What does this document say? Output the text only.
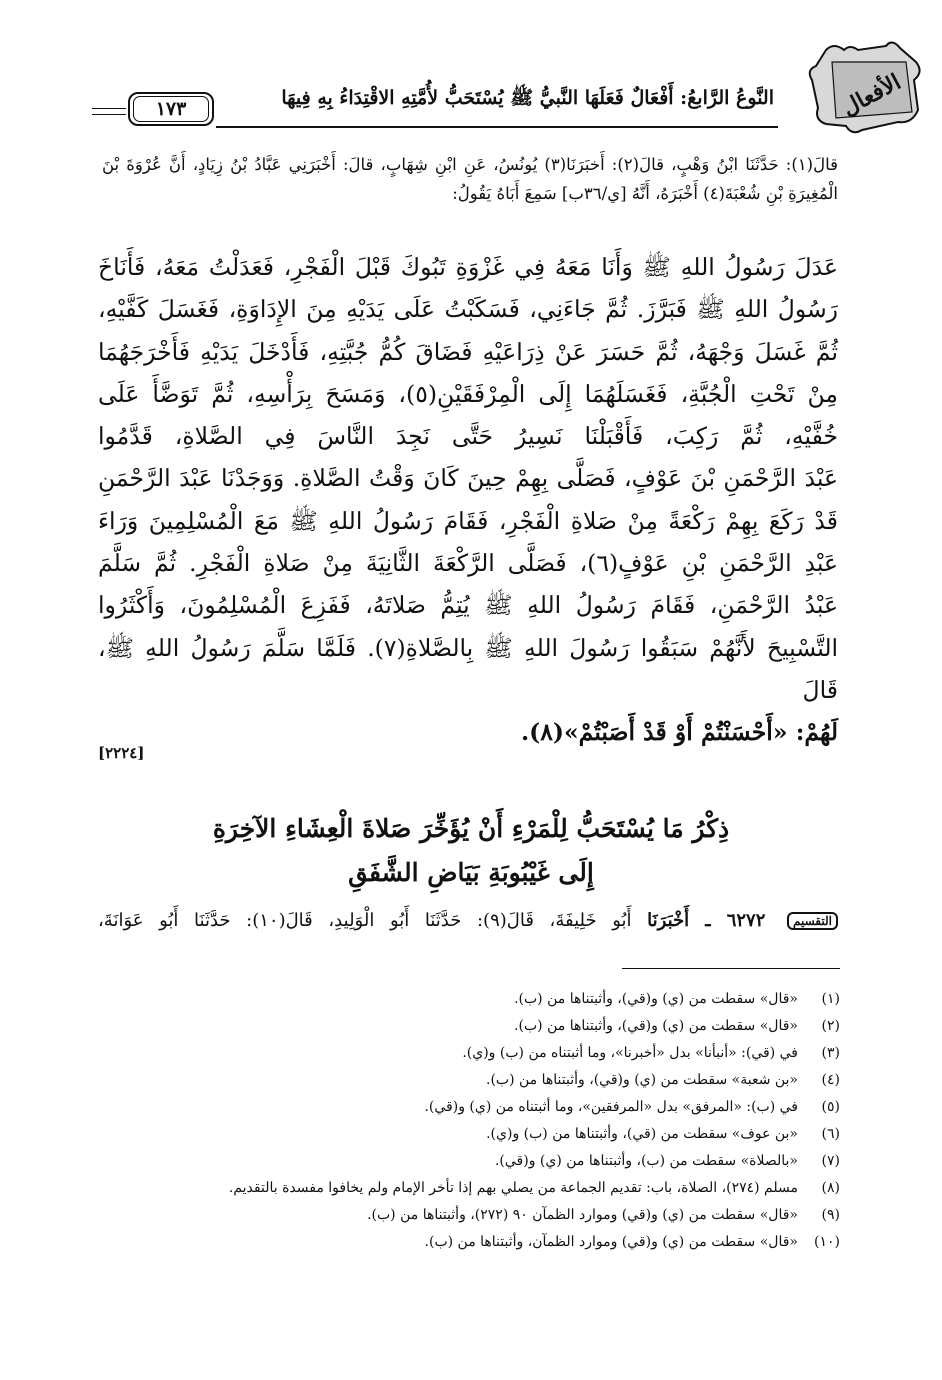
الأفعال
النَّوعُ الرَّابعُ: أَفْعَالٌ فَعَلَهَا النَّبيُّ ﷺ يُسْتَحَبُّ لأُمَّتِهِ الاقْتِدَاءُ بِهِ فِيهَا
١٧٣
قالَ(١): حَدَّثَنَا ابْنُ وَهْبٍ، قالَ(٢): أَخبَرَنَا(٣) يُونُسُ، عَنِ ابْنِ شِهَابٍ، قالَ: أَخْبَرَنِي عَبَّادُ بْنُ زِيَادٍ، أَنَّ عُرْوَةَ بْنَ الْمُغِيرَةِ بْنِ شُعْبَةَ(٤) أَخْبَرَهُ، أَنَّهُ [ي/٣٦ب] سَمِعَ أَبَاهُ يَقُولُ:
عَدَلَ رَسُولُ اللهِ ﷺ وَأَنَا مَعَهُ فِي غَزْوَةِ تَبُوكَ قَبْلَ الْفَجْرِ، فَعَدَلْتُ مَعَهُ، فَأَنَاخَ
رَسُولُ اللهِ ﷺ فَبَرَّزَ. ثُمَّ جَاءَنِي، فَسَكَبْتُ عَلَى يَدَيْهِ مِنَ الإِدَاوَةِ، فَغَسَلَ كَفَّيْهِ،
ثُمَّ غَسَلَ وَجْهَهُ، ثُمَّ حَسَرَ عَنْ ذِرَاعَيْهِ فَضَاقَ كُمُّ جُبَّتِهِ، فَأَدْخَلَ يَدَيْهِ فَأَخْرَجَهُمَا
مِنْ تَحْتِ الْجُبَّةِ، فَغَسَلَهُمَا إِلَى الْمِرْفَقَيْنِ(٥)، وَمَسَحَ بِرَأْسِهِ، ثُمَّ تَوَضَّأَ عَلَى
خُفَّيْهِ، ثُمَّ رَكِبَ، فَأَقْبَلْنَا نَسِيرُ حَتَّى نَجِدَ النَّاسَ فِي الصَّلاةِ، قَدَّمُوا
عَبْدَ الرَّحْمَنِ بْنَ عَوْفٍ، فَصَلَّى بِهِمْ حِينَ كَانَ وَقْتُ الصَّلاةِ. وَوَجَدْنَا عَبْدَ الرَّحْمَنِ
قَدْ رَكَعَ بِهِمْ رَكْعَةً مِنْ صَلاةِ الْفَجْرِ، فَقَامَ رَسُولُ اللهِ ﷺ مَعَ الْمُسْلِمِينَ وَرَاءَ
عَبْدِ الرَّحْمَنِ بْنِ عَوْفٍ(٦)، فَصَلَّى الرَّكْعَةَ الثَّانِيَةَ مِنْ صَلاةِ الْفَجْرِ. ثُمَّ سَلَّمَ
عَبْدُ الرَّحْمَنِ، فَقَامَ رَسُولُ اللهِ ﷺ يُتِمُّ صَلاتَهُ، فَفَزِعَ الْمُسْلِمُونَ، وَأَكْثَرُوا
التَّسْبِيحَ لأَنَّهُمْ سَبَقُوا رَسُولَ اللهِ ﷺ بِالصَّلاةِ(٧). فَلَمَّا سَلَّمَ رَسُولُ اللهِ ﷺ، قَالَ
لَهُمْ: «أَحْسَنْتُمْ أَوْ قَدْ أَصَبْتُمْ»(٨).
[٢٢٢٤]
ذِكْرُ مَا يُسْتَحَبُّ لِلْمَرْءِ أَنْ يُؤَخِّرَ صَلاةَ الْعِشَاءِ الآخِرَةِ
إِلَى غَيْبُوبَةِ بَيَاضِ الشَّفَقِ
التقسيم ٦٢٧٢ ـ أَخْبَرَنَا أَبُو خَلِيفَةَ، قَالَ(٩): حَدَّثَنَا أَبُو الْوَلِيدِ، قَالَ(١٠): حَدَّثَنَا أَبُو عَوَانَةَ،
(١)
«قال» سقطت من (ي) و(قي)، وأثبتناها من (ب).
(٢)
«قال» سقطت من (ي) و(قي)، وأثبتناها من (ب).
(٣)
في (قي): «أنبأنا» بدل «أخبرنا»، وما أثبتناه من (ب) و(ي).
(٤)
«بن شعبة» سقطت من (ي) و(قي)، وأثبتناها من (ب).
(٥)
في (ب): «المرفق» بدل «المرفقين»، وما أثبتناه من (ي) و(قي).
(٦)
«بن عوف» سقطت من (قي)، وأثبتناها من (ب) و(ي).
(٧)
«بالصلاة» سقطت من (ب)، وأثبتناها من (ي) و(قي).
(٨)
مسلم (٢٧٤)، الصلاة، باب: تقديم الجماعة من يصلي بهم إذا تأخر الإمام ولم يخافوا مفسدة بالتقديم.
(٩)
«قال» سقطت من (ي) و(قي) وموارد الظمآن ٩٠ (٢٧٢)، وأثبتناها من (ب).
(١٠)
«قال» سقطت من (ي) و(قي) وموارد الظمآن، وأثبتناها من (ب).
